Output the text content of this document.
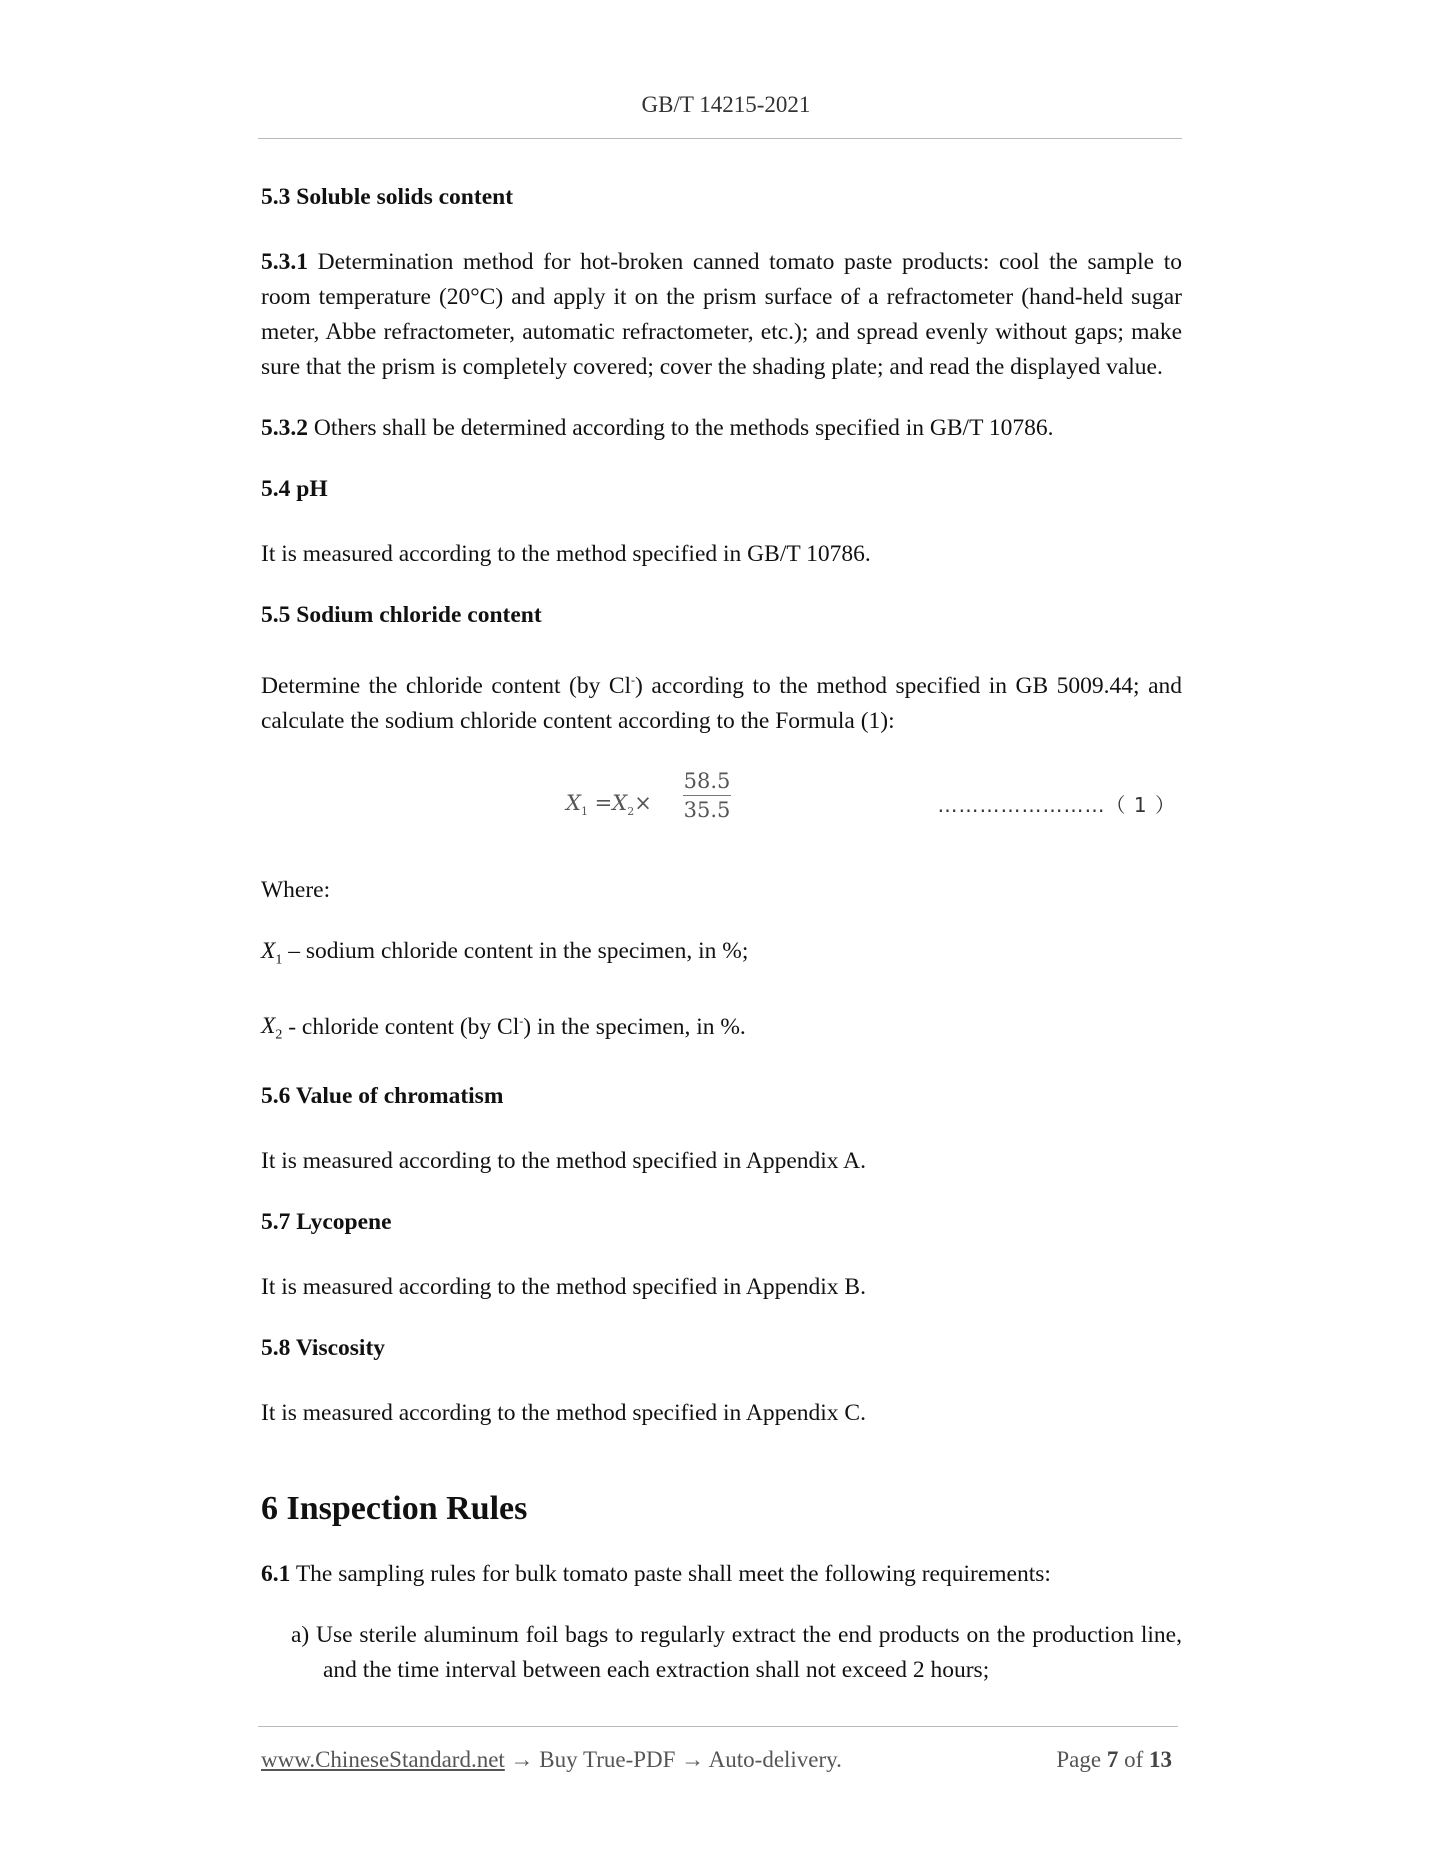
GB/T 14215-2021
5.3 Soluble solids content
5.3.1 Determination method for hot-broken canned tomato paste products: cool the sample to room temperature (20°C) and apply it on the prism surface of a refractometer (hand-held sugar meter, Abbe refractometer, automatic refractometer, etc.); and spread evenly without gaps; make sure that the prism is completely covered; cover the shading plate; and read the displayed value.
5.3.2 Others shall be determined according to the methods specified in GB/T 10786.
5.4 pH
It is measured according to the method specified in GB/T 10786.
5.5 Sodium chloride content
Determine the chloride content (by Cl-) according to the method specified in GB 5009.44; and calculate the sodium chloride content according to the Formula (1):
$X_1 =X_2\times \frac{58.5}{35.5}$	……………………（ 1 ）
Where:
$X_1$ – sodium chloride content in the specimen, in %;
$X_2$ - chloride content (by Cl-) in the specimen, in %.
5.6 Value of chromatism
It is measured according to the method specified in Appendix A.
5.7 Lycopene
It is measured according to the method specified in Appendix B.
5.8 Viscosity
It is measured according to the method specified in Appendix C.
6 Inspection Rules
6.1 The sampling rules for bulk tomato paste shall meet the following requirements:
a) Use sterile aluminum foil bags to regularly extract the end products on the production line, and the time interval between each extraction shall not exceed 2 hours;
www.ChineseStandard.net → Buy True-PDF → Auto-delivery.	Page 7 of 13
